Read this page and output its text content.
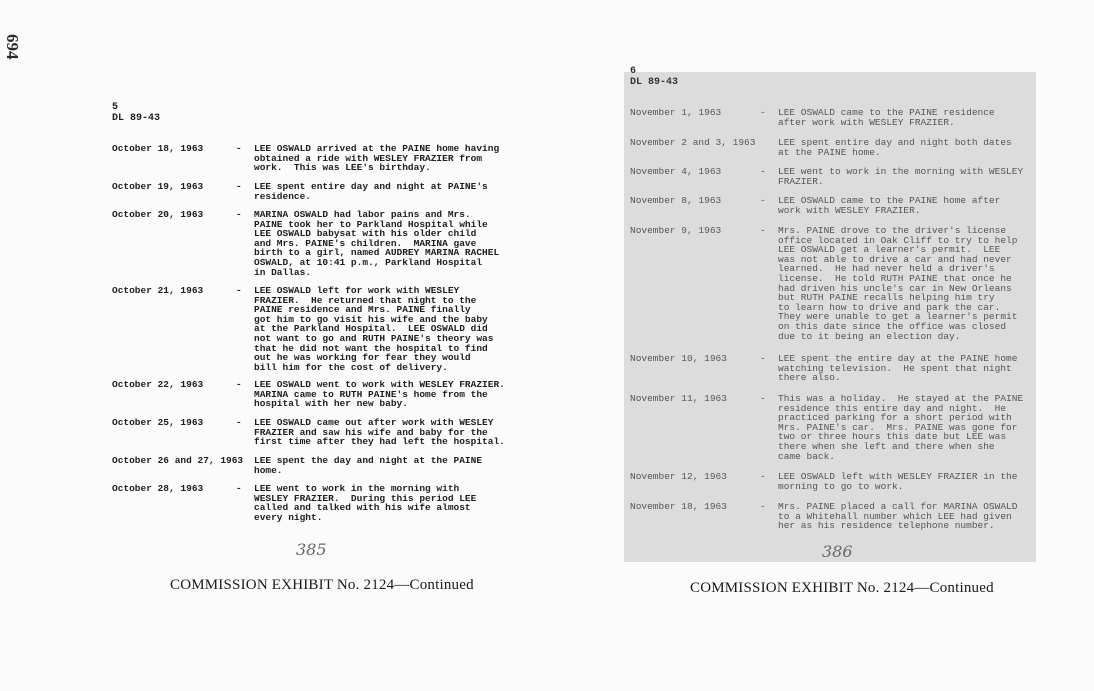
694
5
DL 89-43
October 18, 1963	- LEE OSWALD arrived at the PAINE home having
obtained a ride with WESLEY FRAZIER from
work.  This was LEE's birthday.
October 19, 1963	- LEE spent entire day and night at PAINE's
residence.
October 20, 1963	- MARINA OSWALD had labor pains and Mrs.
PAINE took her to Parkland Hospital while
LEE OSWALD babysat with his older child
and Mrs. PAINE's children.  MARINA gave
birth to a girl, named AUDREY MARINA RACHEL
OSWALD, at 10:41 p.m., Parkland Hospital
in Dallas.
October 21, 1963	- LEE OSWALD left for work with WESLEY
FRAZIER.  He returned that night to the
PAINE residence and Mrs. PAINE finally
got him to go visit his wife and the baby
at the Parkland Hospital.  LEE OSWALD did
not want to go and RUTH PAINE's theory was
that he did not want the hospital to find
out he was working for fear they would
bill him for the cost of delivery.
October 22, 1963	- LEE OSWALD went to work with WESLEY FRAZIER.
MARINA came to RUTH PAINE's home from the
hospital with her new baby.
October 25, 1963	- LEE OSWALD came out after work with WESLEY
FRAZIER and saw his wife and baby for the
first time after they had left the hospital.
October 26 and 27, 1963 LEE spent the day and night at the PAINE
home.
October 28, 1963	- LEE went to work in the morning with
WESLEY FRAZIER.  During this period LEE
called and talked with his wife almost
every night.
385
COMMISSION EXHIBIT No. 2124—Continued
6
DL 89-43
November 1, 1963	- LEE OSWALD came to the PAINE residence
after work with WESLEY FRAZIER.
November 2 and 3, 1963 LEE spent entire day and night both dates
at the PAINE home.
November 4, 1963	- LEE went to work in the morning with WESLEY
FRAZIER.
November 8, 1963	- LEE OSWALD came to the PAINE home after
work with WESLEY FRAZIER.
November 9, 1963	- Mrs. PAINE drove to the driver's license
office located in Oak Cliff to try to help
LEE OSWALD get a learner's permit.  LEE
was not able to drive a car and had never
learned.  He had never held a driver's
license.  He told RUTH PAINE that once he
had driven his uncle's car in New Orleans
but RUTH PAINE recalls helping him try
to learn how to drive and park the car.
They were unable to get a learner's permit
on this date since the office was closed
due to it being an election day.
November 10, 1963	- LEE spent the entire day at the PAINE home
watching television.  He spent that night
there also.
November 11, 1963	- This was a holiday.  He stayed at the PAINE
residence this entire day and night.  He
practiced parking for a short period with
Mrs. PAINE's car.  Mrs. PAINE was gone for
two or three hours this date but LEE was
there when she left and there when she
came back.
November 12, 1963	- LEE OSWALD left with WESLEY FRAZIER in the
morning to go to work.
November 18, 1963	- Mrs. PAINE placed a call for MARINA OSWALD
to a Whitehall number which LEE had given
her as his residence telephone number.
386
COMMISSION EXHIBIT No. 2124—Continued
